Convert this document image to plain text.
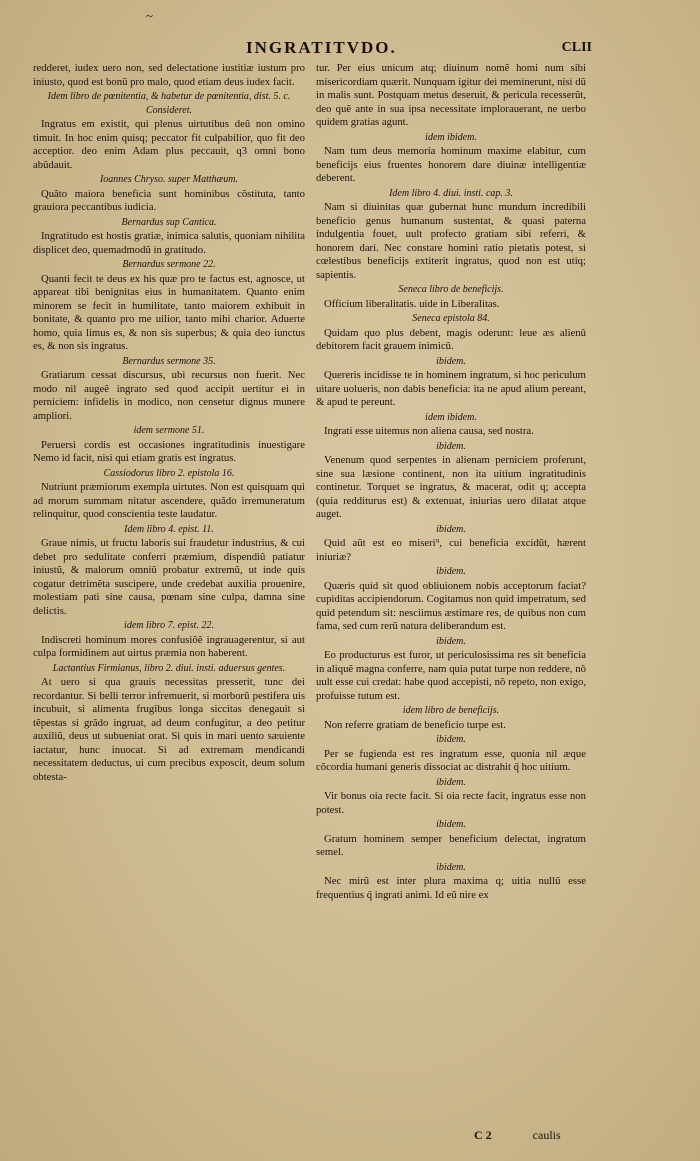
~
INGRATITVDO.	CLII

redderet, iudex uero non, sed delectatione iustitiæ iustum pro iniusto, quod est bonũ pro malo, quod etiam deus iudex facit.

Idem libro de pœnitentia, & habetur de pœnitentia, dist. 5. c. Consideret.

Ingratus em existit, qui plenus uirtutibus deũ non omino timuit. In hoc enim quisq; peccator fit culpabilior, quo fit deo acceptior. deo enim Adam plus peccauit, q3 omni bono abũdauit.

Ioannes Chryso. super Matthæum.

Quãto maiora beneficia sunt hominibus cõstituta, tanto grauiora peccantibus iudicia.

Bernardus sup Cantica.

Ingratitudo est hostis gratiæ, inimica salutis, quoniam nihilita displicet deo, quemadmodũ in gratitudo.

Bernardus sermone 22.

Quanti fecit te deus ex his quæ pro te factus est, agnosce, ut appareat tibi benignitas eius in humanitatem. Quanto enim minorem se fecit in humilitate, tanto maiorem exhibuit in bonitate, & quanto pro me uilior, tanto mihi charior. Aduerte homo, quia limus es, & non sis superbus; & quia deo iunctus es, & non sis ingratus.

Bernardus sermone 35.

Gratiarum cessat discursus, ubi recursus non fuerit. Nec modo nil augeẽ ingrato sed quod accipit uertitur ei in perniciem: infidelis in modico, non censetur dignus munere ampliori.

idem sermone 51.

Peruersi cordis est occasiones ingratitudinis inuestigare Nemo id facit, nisi qui etiam gratis est ingratus.

Cassiodorus libro 2. epistola 16.

Nutriunt præmiorum exempla uirtutes. Non est quisquam qui ad morum summam nitatur ascendere, quãdo irremuneratum relinquitur, quod conscientia teste laudatur.

Idem libro 4. epist. 11.

Graue nimis, ut fructu laboris sui fraudetur industrius, & cui debet pro sedulitate conferri præmium, dispendiũ patiatur iniustũ, & malorum omniũ probatur extremũ, ut inde quis cogatur detrimẽta suscipere, unde credebat auxilia prouenire, molestiam pati sine causa, pœnam sine culpa, damna sine delictis.

idem libro 7. epist. 22.

Indiscreti hominum mores confusiõẽ ingrauagerentur, si aut culpa formidinem aut uirtus præmia non haberent.

Lactantius Firmianus, libro 2. diui. insti. aduersus gentes.

At uero si qua grauis necessitas presserit, tunc dei recordantur. Si belli terror infremuerit, si morborũ pestifera uis incubuit, si alimenta frugibus longa siccitas denegauit si tẽpestas si grãdo ingruat, ad deum confugitur, a deo petitur auxiliũ, deus ut subueniat orat. Si quis in mari uento sæuiente iactatur, hunc inuocat. Si ad extremam mendicandi necessitatem deductus, ui cum precibus exposcit, deum solum obtesta-

tur. Per eius unicum atq; diuinum nomẽ homi num sibi misericordiam quærit. Nunquam igitur dei meminerunt, nisi dũ in malis sunt. Postquam metus deseruit, & pericula recesserũt, deo quẽ ante in sua ipsa necessitate implorauerant, ne uerbo quidem gratias agunt.

idem ibidem.

Nam tum deus memoria hominum maxime elabitur, cum beneficijs eius fruentes honorem dare diuinæ intelligentiæ deberent.

Idem libro 4. diui. insti. cap. 3.

Nam si diuinitas quæ gubernat hunc mundum incredibili beneficio genus humanum sustentat, & quasi paterna indulgentia fouet, uult profecto gratiam sibi referri, & honorem dari. Nec constare homini ratio pietatis potest, si cœlestibus beneficijs extiterit ingratus, quod non est utiq; sapientis.

Seneca libro de beneficijs.

Officium liberalitatis. uide in Liberalitas.

Seneca epistola 84.

Quidam quo plus debent, magis oderunt: leue æs alienũ debitorem facit grauem inimicũ.

ibidem.

Quereris incidisse te in hominem ingratum, si hoc periculum uitare uolueris, non dabis beneficia: ita ne apud alium pereant, & apud te pereunt.

idem ibidem.

Ingrati esse uitemus non aliena causa, sed nostra.

ibidem.

Venenum quod serpentes in alienam perniciem proferunt, sine sua læsione continent, non ita uitium ingratitudinis continetur. Torquet se ingratus, & macerat, odit q; accepta (quia redditurus est) & extenuat, iniurias uero dilatat atque auget.

ibidem.

Quid aũt est eo miseri⁹, cui beneficia excidũt, hærent iniuriæ?

ibidem.

Quæris quid sit quod obliuionem nobis acceptorum faciat? cupiditas accipiendorum. Cogitamus non quid impetratum, sed quid petendum sit: nesciimus æstimare res, de quibus non cum fama, sed cum rerũ natura deliberandum est.

ibidem.

Eo producturus est furor, ut periculosissima res sit beneficia in aliquẽ magna conferre, nam quia putat turpe non reddere, nõ uult esse cui credat: habe quod accepisti, nõ repeto, non exigo, profuisse tutum est.

idem libro de beneficijs.

Non referre gratiam de beneficio turpe est.

ibidem.

Per se fugienda est res ingratum esse, quonia nil æque cõcordia humani generis dissociat ac distrahit q̃ hoc uitium.

ibidem.

Vir bonus oia recte facit. Si oia recte facit, ingratus esse non potest.

ibidem.

Gratum hominem semper beneficium delectat, ingratum semel.

ibidem.

Nec mirũ est inter plura maxima q; uitia nullũ esse frequentius q̃ ingrati animi. Id eũ nire ex

C 2	caulis
